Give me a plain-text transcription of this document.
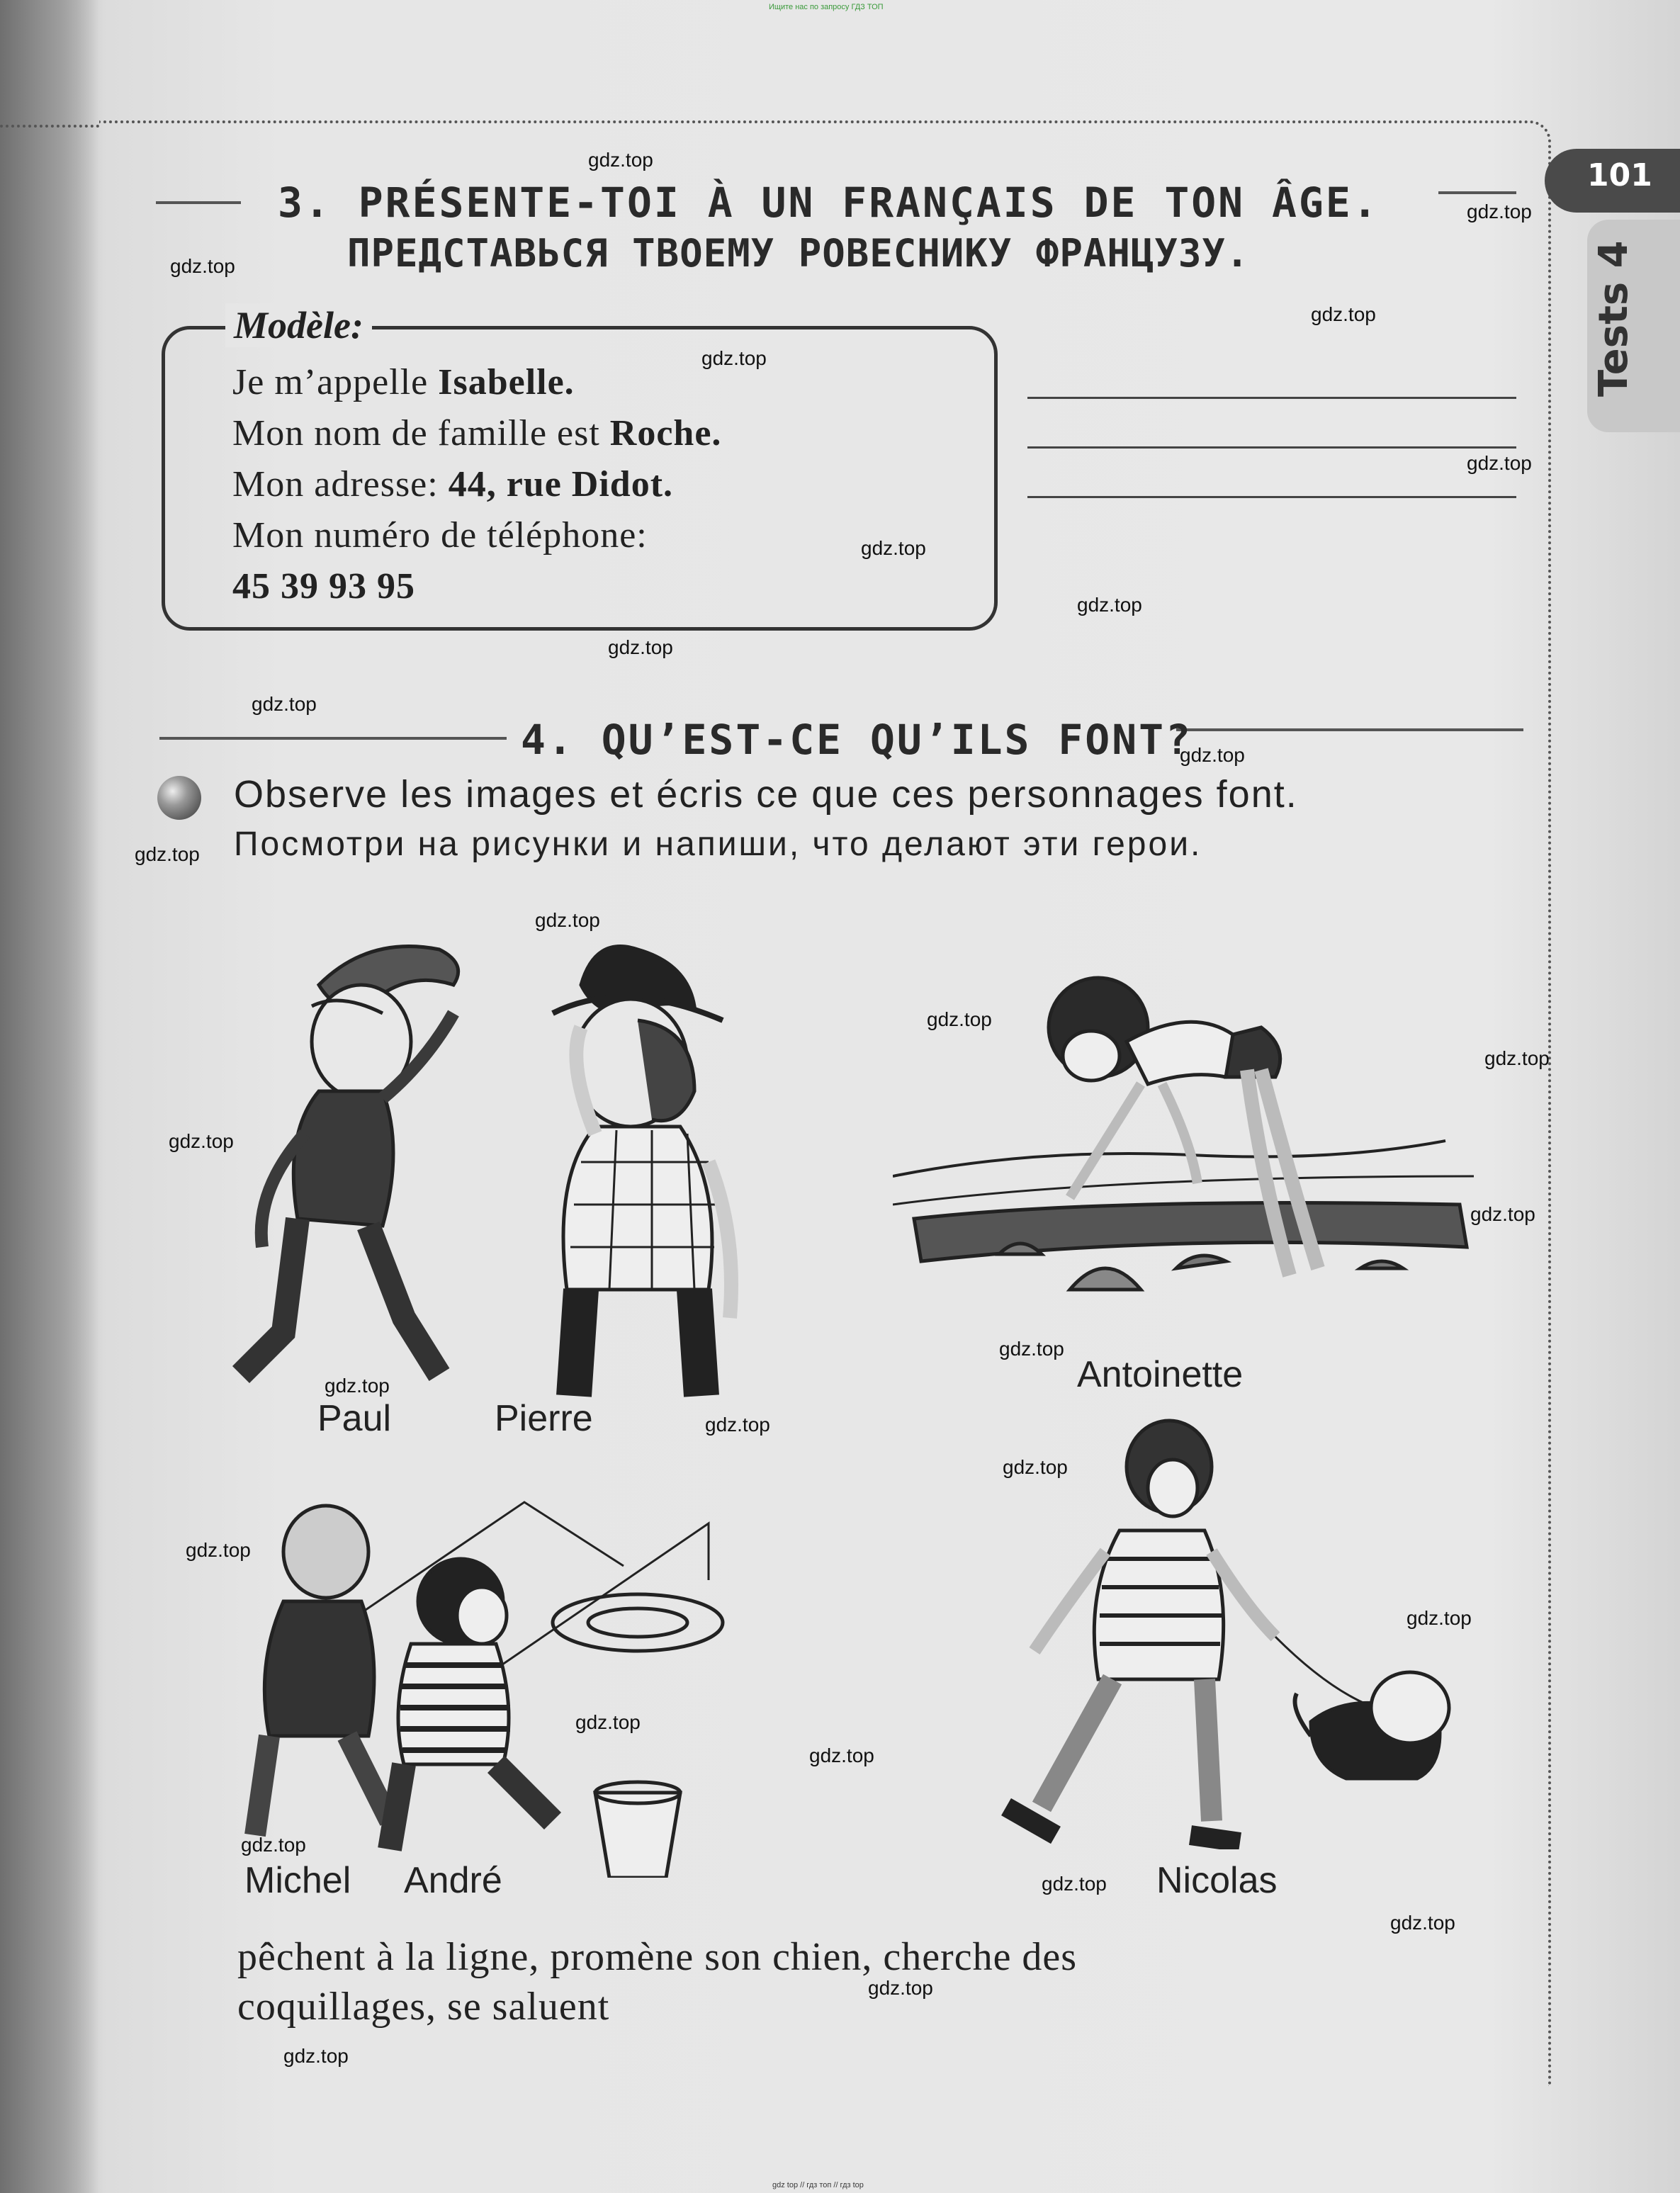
Ищите нас по запросу ГДЗ ТОП
101
Tests 4
3. PRÉSENTE-TOI À UN FRANÇAIS DE TON ÂGE.
ПРЕДСТАВЬСЯ ТВОЕМУ РОВЕСНИКУ ФРАНЦУЗУ.
Modèle:
Je m’appelle Isabelle.
Mon nom de famille est Roche.
Mon adresse: 44, rue Didot.
Mon numéro de téléphone:
45 39 93 95
4. QU’EST-CE QU’ILS FONT?
Observe les images et écris ce que ces personnages font.
Посмотри на рисунки и напиши, что делают эти герои.
Paul	Pierre
Antoinette
Michel André	Nicolas
pêchent à la ligne, promène son chien, cherche des
coquillages, se saluent
gdz.top
gdz.top
gdz.top
gdz.top
gdz.top
gdz.top
gdz.top
gdz.top
gdz.top
gdz.top
gdz.top
gdz.top
gdz.top
gdz.top
gdz.top
gdz.top
gdz.top
gdz.top
gdz.top
gdz.top
gdz.top
gdz.top
gdz.top
gdz.top
gdz.top
gdz.top
gdz.top
gdz.top
gdz.top
gdz.top
gdz top // гдз топ // гдз top
